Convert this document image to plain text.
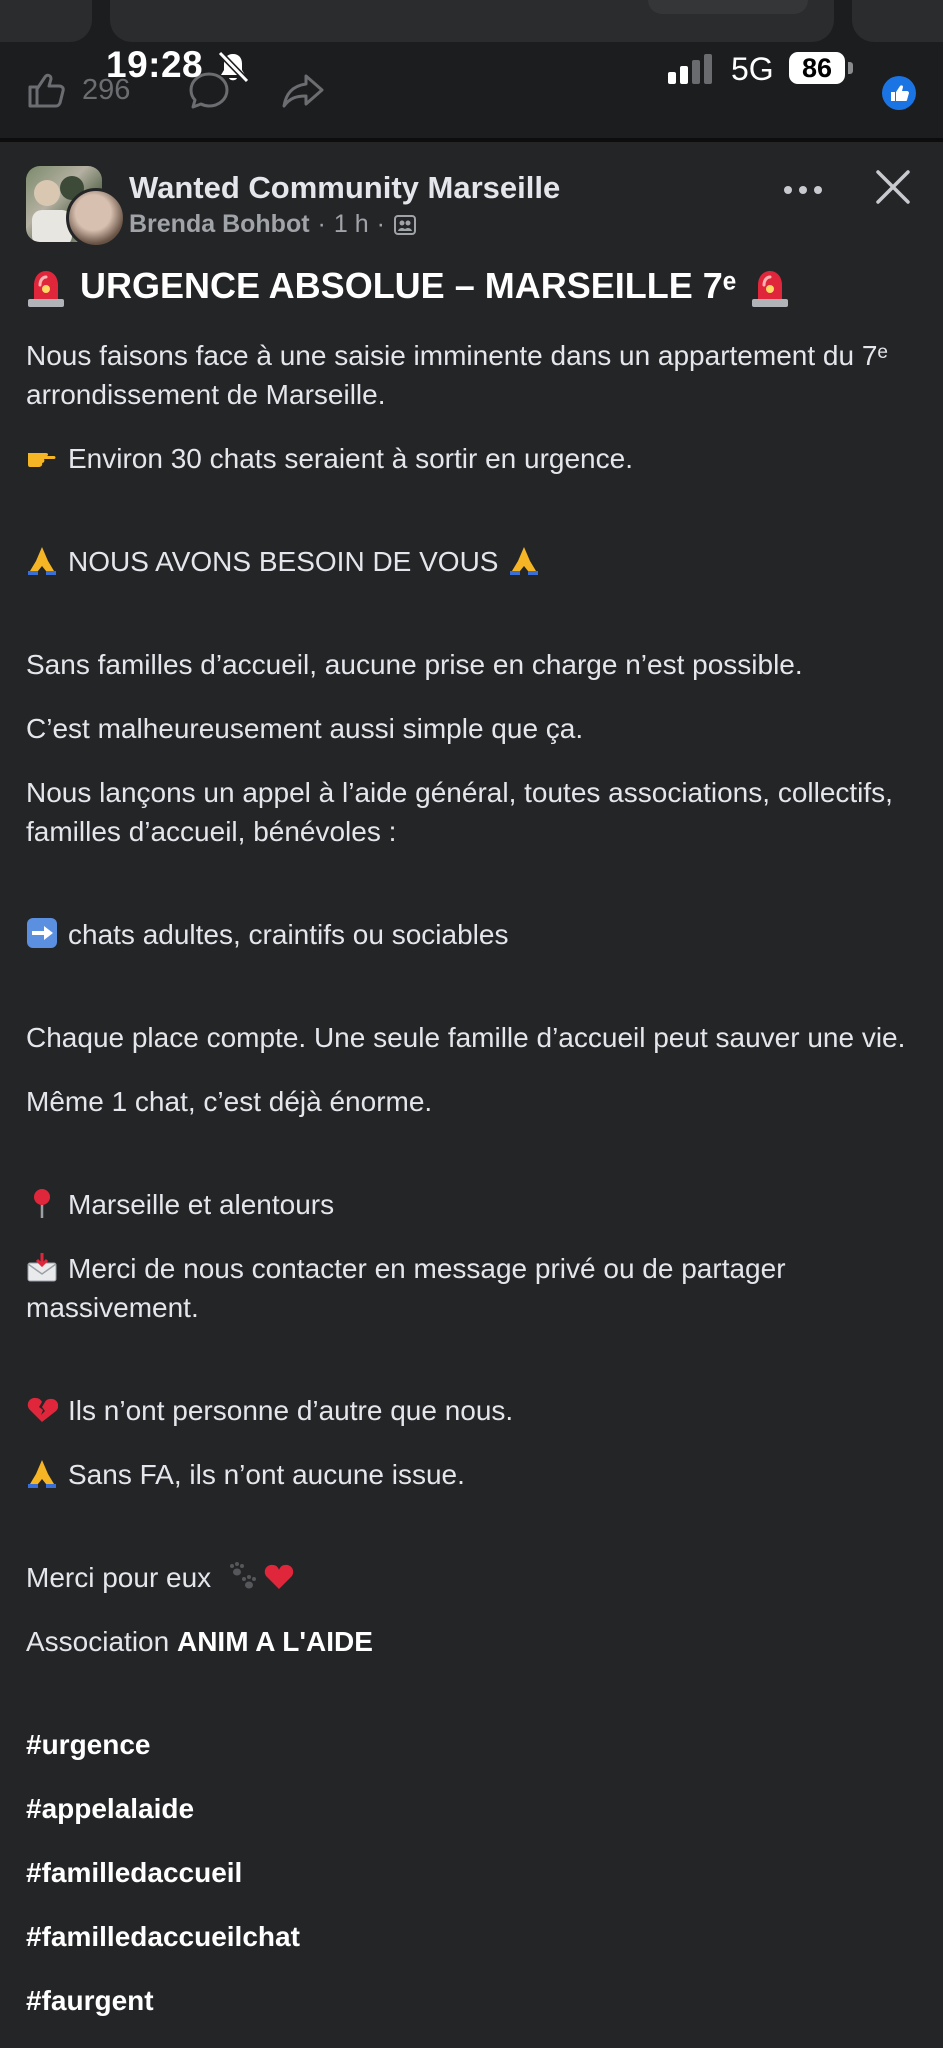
296
19:28	5G	86
Wanted Community Marseille
Brenda Bohbot · 1 h ·
URGENCE ABSOLUE – MARSEILLE 7ᵉ
Nous faisons face à une saisie imminente dans un appartement du 7ᵉ arrondissement de Marseille.
Environ 30 chats seraient à sortir en urgence.
NOUS AVONS BESOIN DE VOUS
Sans familles d’accueil, aucune prise en charge n’est possible.
C’est malheureusement aussi simple que ça.
Nous lançons un appel à l’aide général, toutes associations, collectifs, familles d’accueil, bénévoles :
chats adultes, craintifs ou sociables
Chaque place compte. Une seule famille d’accueil peut sauver une vie.
Même 1 chat, c’est déjà énorme.
Marseille et alentours
Merci de nous contacter en message privé ou de partager massivement.
Ils n’ont personne d’autre que nous.
Sans FA, ils n’ont aucune issue.
Merci pour eux
Association ANIM A L'AIDE
#urgence
#appelalaide
#familledaccueil
#familledaccueilchat
#faurgent
